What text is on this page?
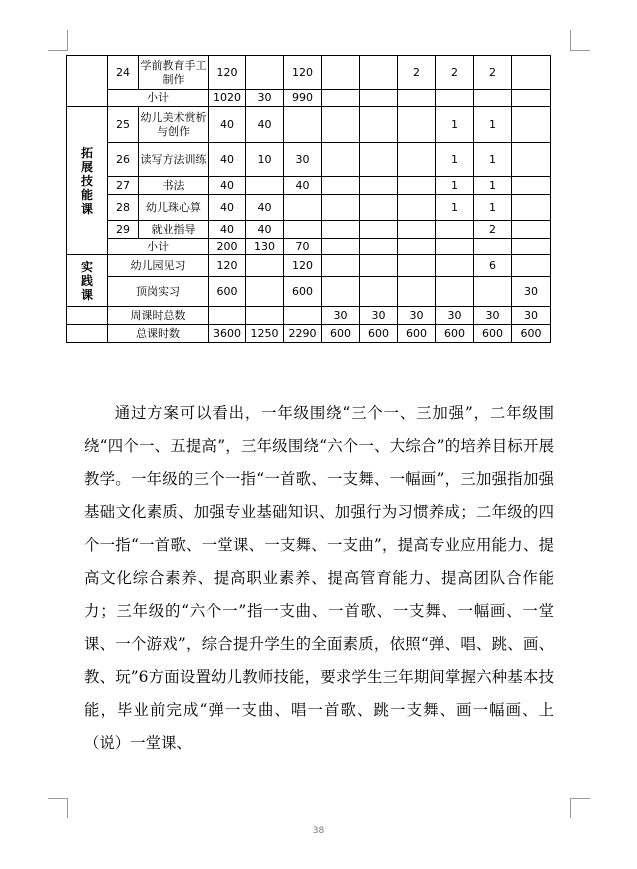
	24	学前教育手工制作	120		120			2	2	2	
	小计		1020	30	990						
拓
展
技
能
课	25	幼儿美术赏析与创作	40	40					1	1	
	26	读写方法训练	40	10	30				1	1	
	27	书法	40		40				1	1	
	28	幼儿珠心算	40	40					1	1	
	29	就业指导	40	40						2	
	小计		200	130	70						
实
践
课	幼儿园见习		120		120					6	
	顶岗实习		600		600						30
	周课时总数					30	30	30	30	30	30
	总课时数		3600	1250	2290	600	600	600	600	600	600

通过方案可以看出，一年级围绕“三个一、三加强”，二年级围绕“四个一、五提高”，三年级围绕“六个一、大综合”的培养目标开展教学。一年级的三个一指“一首歌、一支舞、一幅画”，三加强指加强基础文化素质、加强专业基础知识、加强行为习惯养成；二年级的四个一指“一首歌、一堂课、一支舞、一支曲”，提高专业应用能力、提高文化综合素养、提高职业素养、提高管育能力、提高团队合作能力；三年级的“六个一”指一支曲、一首歌、一支舞、一幅画、一堂课、一个游戏”，综合提升学生的全面素质，依照“弹、唱、跳、画、教、玩”6方面设置幼儿教师技能，要求学生三年期间掌握六种基本技能，毕业前完成“弹一支曲、唱一首歌、跳一支舞、画一幅画、上（说）一堂课、

38
